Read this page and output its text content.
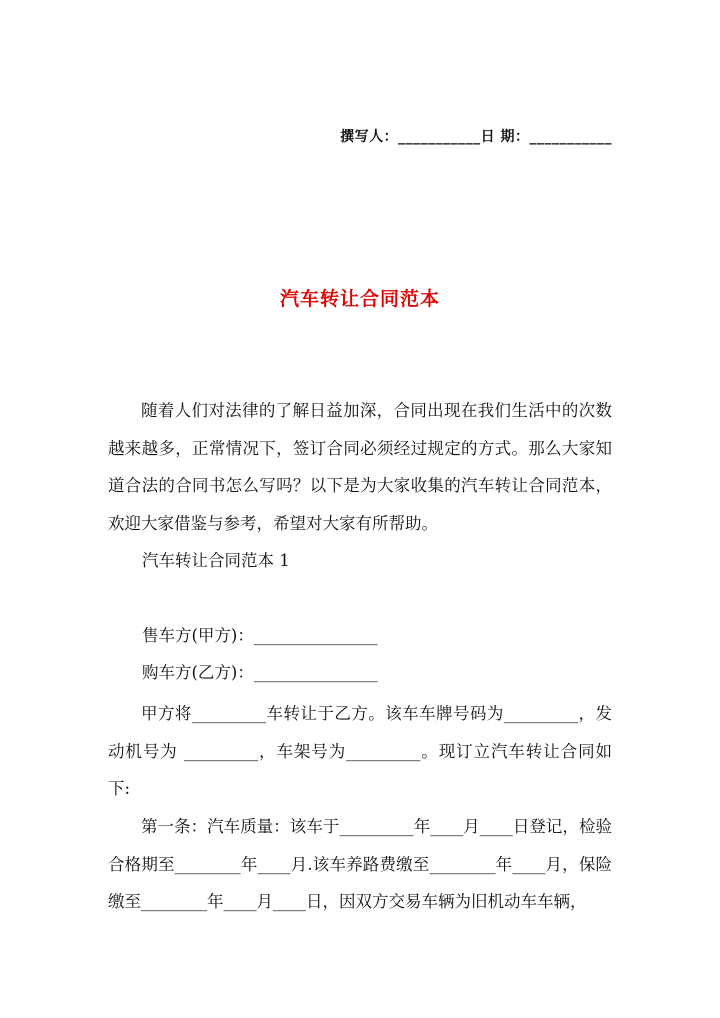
撰写人：___________日 期：___________
汽车转让合同范本

随着人们对法律的了解日益加深，合同出现在我们生活中的次数越来越多，正常情况下，签订合同必须经过规定的方式。那么大家知道合法的合同书怎么写吗？以下是为大家收集的汽车转让合同范本，欢迎大家借鉴与参考，希望对大家有所帮助。

汽车转让合同范本 1
售车方(甲方)：_______________
购车方(乙方)：_______________

甲方将_________车转让于乙方。该车车牌号码为_________，发动机号为 _________，车架号为_________。现订立汽车转让合同如下:

第一条：汽车质量：该车于_________年____月____日登记，检验合格期至________年____月.该车养路费缴至________年____月，保险缴至________年____月____日，因双方交易车辆为旧机动车车辆，
